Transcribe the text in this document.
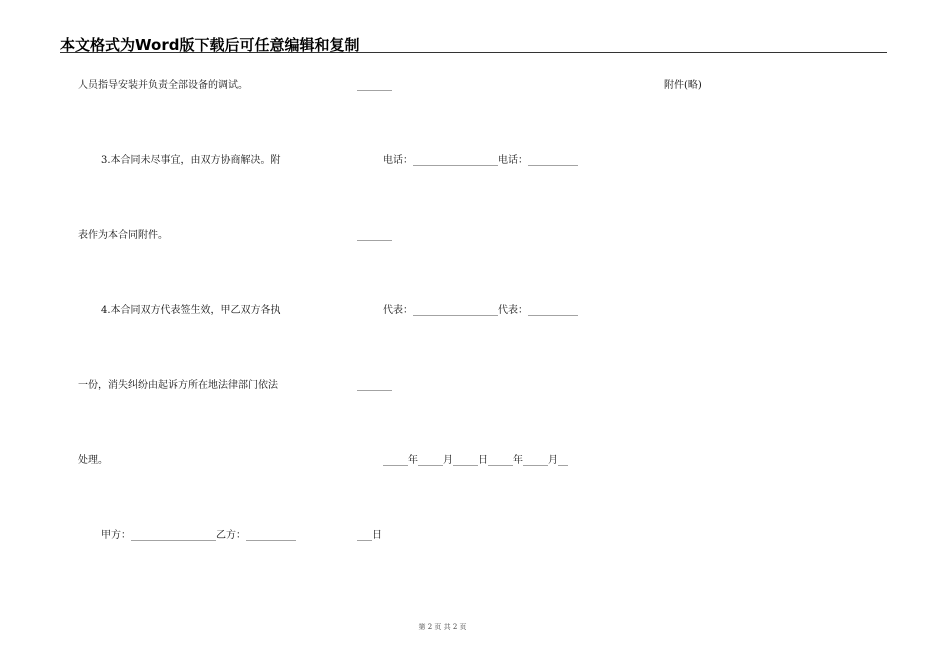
本文格式为Word版下载后可任意编辑和复制
人员指导安装并负责全部设备的调试。
3.本合同未尽事宜，由双方协商解决。附
表作为本合同附件。
4.本合同双方代表签生效，甲乙双方各执
一份，消失纠纷由起诉方所在地法律部门依法
处理。
甲方：_________________乙方：__________
_______
电话：_________________电话：__________
_______
代表：_________________代表：__________
_______
_____年_____月_____日_____年_____月__
___日
附件(略)
第 2 页 共 2 页
